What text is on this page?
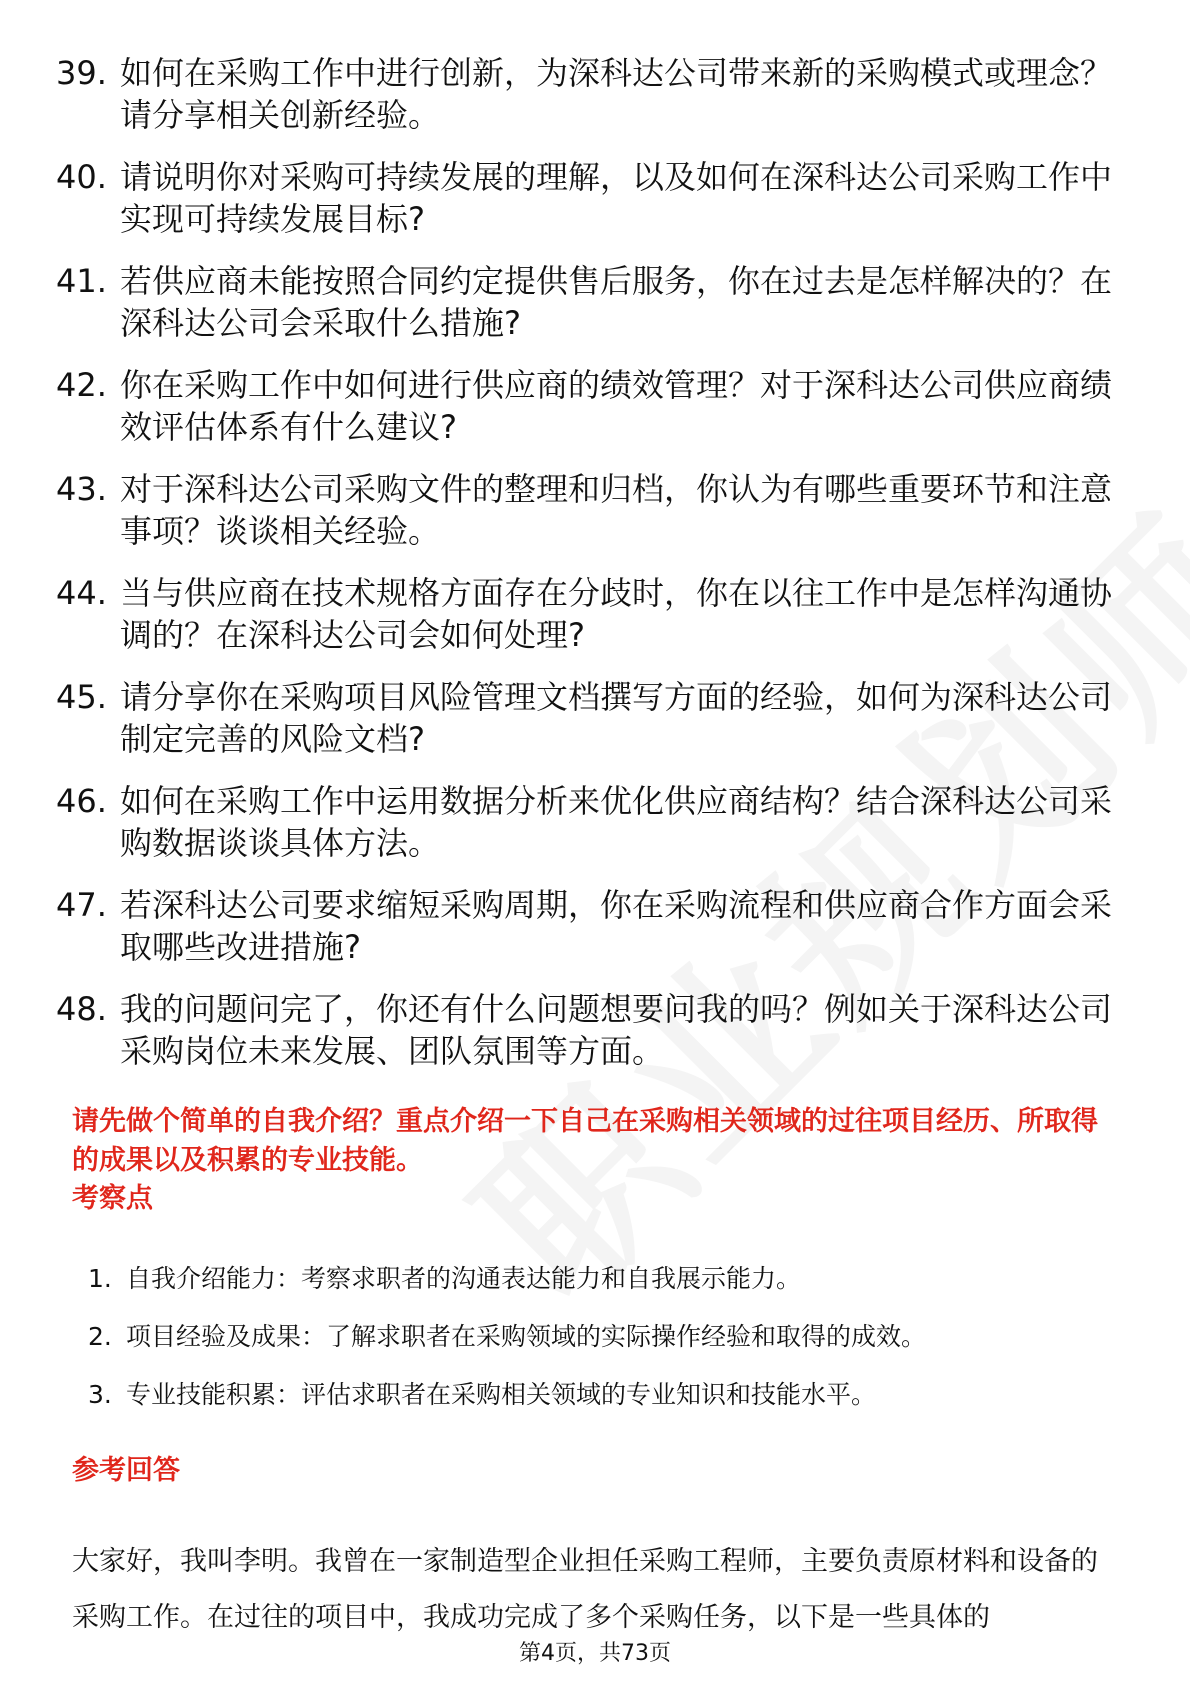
39. 如何在采购工作中进行创新，为深科达公司带来新的采购模式或理念？请分享相关创新经验。
40. 请说明你对采购可持续发展的理解，以及如何在深科达公司采购工作中实现可持续发展目标?
41. 若供应商未能按照合同约定提供售后服务，你在过去是怎样解决的？在深科达公司会采取什么措施?
42. 你在采购工作中如何进行供应商的绩效管理？对于深科达公司供应商绩效评估体系有什么建议?
43. 对于深科达公司采购文件的整理和归档，你认为有哪些重要环节和注意事项？谈谈相关经验。
44. 当与供应商在技术规格方面存在分歧时，你在以往工作中是怎样沟通协调的？在深科达公司会如何处理?
45. 请分享你在采购项目风险管理文档撰写方面的经验，如何为深科达公司制定完善的风险文档?
46. 如何在采购工作中运用数据分析来优化供应商结构？结合深科达公司采购数据谈谈具体方法。
47. 若深科达公司要求缩短采购周期，你在采购流程和供应商合作方面会采取哪些改进措施?
48. 我的问题问完了，你还有什么问题想要问我的吗？例如关于深科达公司采购岗位未来发展、团队氛围等方面。
请先做个简单的自我介绍？重点介绍一下自己在采购相关领域的过往项目经历、所取得的成果以及积累的专业技能。
考察点
1. 自我介绍能力：考察求职者的沟通表达能力和自我展示能力。
2. 项目经验及成果：了解求职者在采购领域的实际操作经验和取得的成效。
3. 专业技能积累：评估求职者在采购相关领域的专业知识和技能水平。
参考回答
大家好，我叫李明。我曾在一家制造型企业担任采购工程师，主要负责原材料和设备的采购工作。在过往的项目中，我成功完成了多个采购任务，以下是一些具体的
第4页，共73页
